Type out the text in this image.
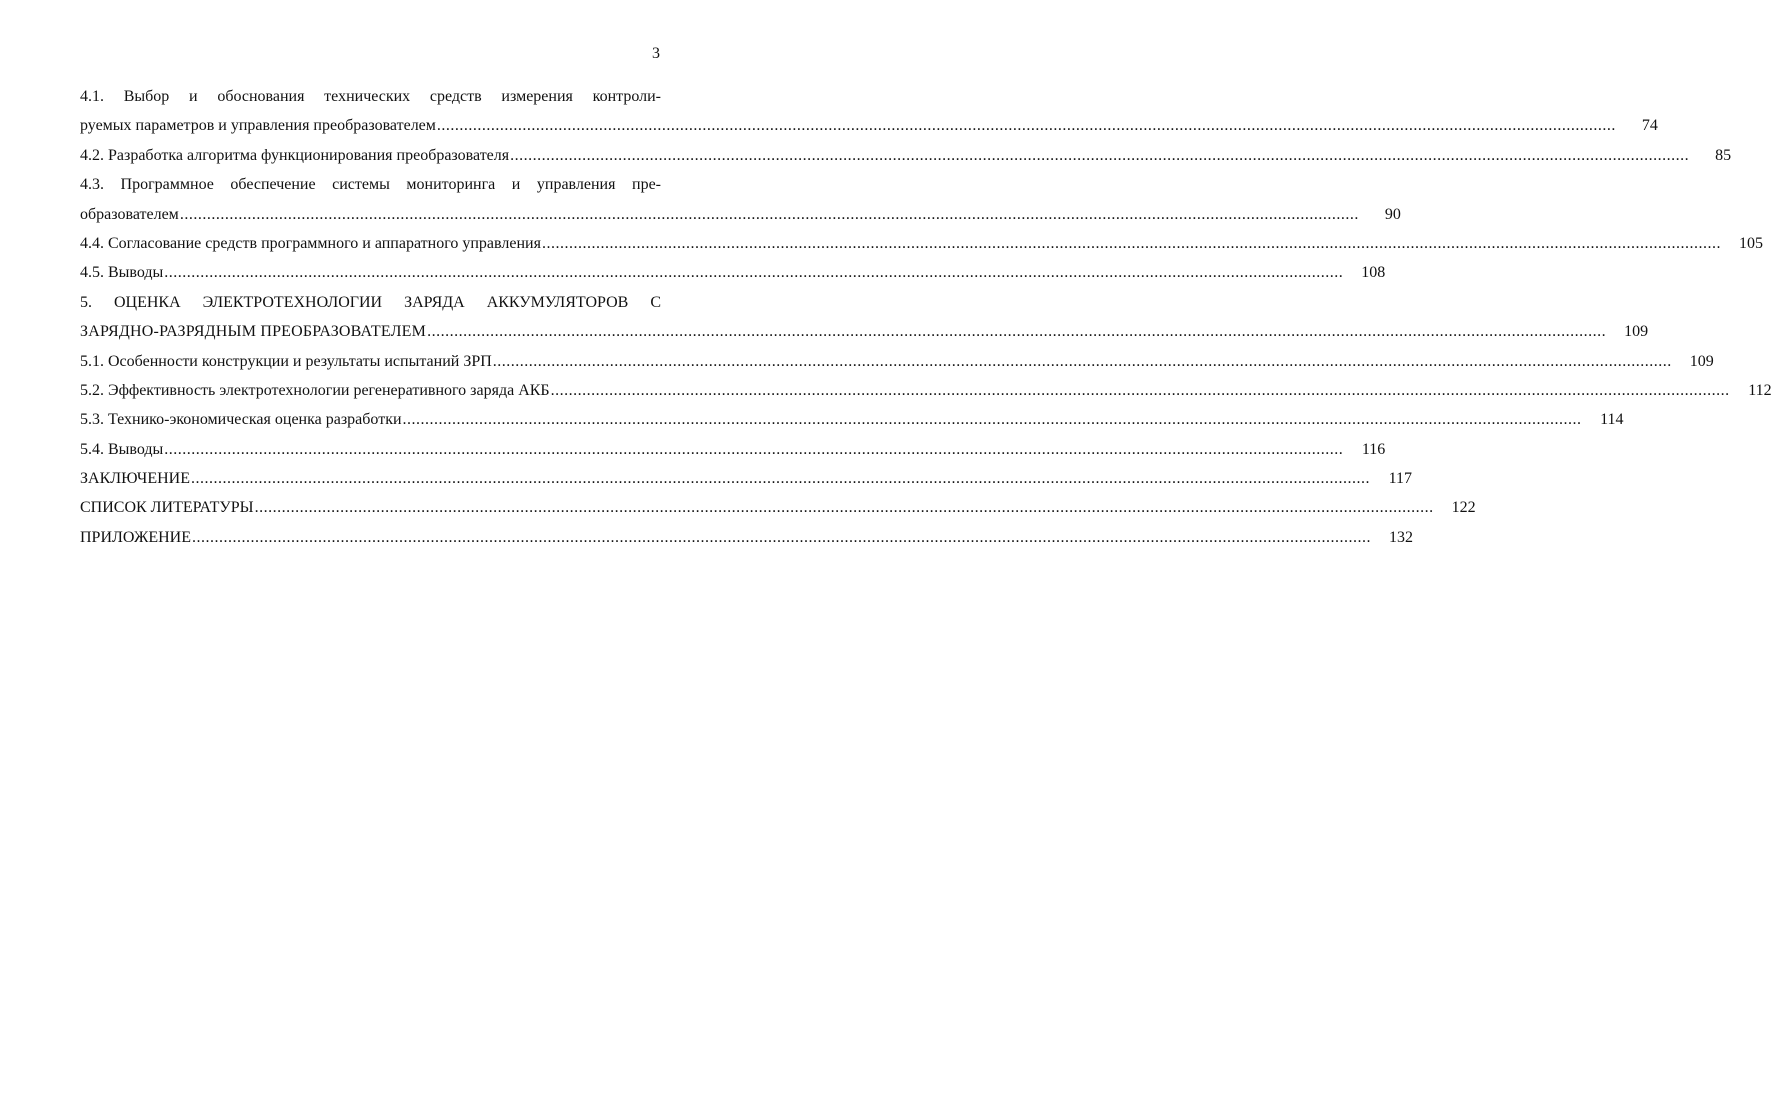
3
4.1. Выбор и обоснования технических средств измерения контроли-
руемых параметров и управления преобразователем .....	74
4.2. Разработка алгоритма функционирования преобразователя .....	85
4.3. Программное обеспечение системы мониторинга и управления пре-
образователем .....	90
4.4. Согласование средств программного и аппаратного управления .....	105
4.5. Выводы .....	108
5. ОЦЕНКА ЭЛЕКТРОТЕХНОЛОГИИ ЗАРЯДА АККУМУЛЯТОРОВ С
ЗАРЯДНО-РАЗРЯДНЫМ ПРЕОБРАЗОВАТЕЛЕМ .....	109
5.1. Особенности конструкции и результаты испытаний ЗРП .....	109
5.2. Эффективность электротехнологии регенеративного заряда АКБ .....	112
5.3. Технико-экономическая оценка разработки .....	114
5.4. Выводы .....	116
ЗАКЛЮЧЕНИЕ .....	117
СПИСОК ЛИТЕРАТУРЫ .....	122
ПРИЛОЖЕНИЕ .....	132
